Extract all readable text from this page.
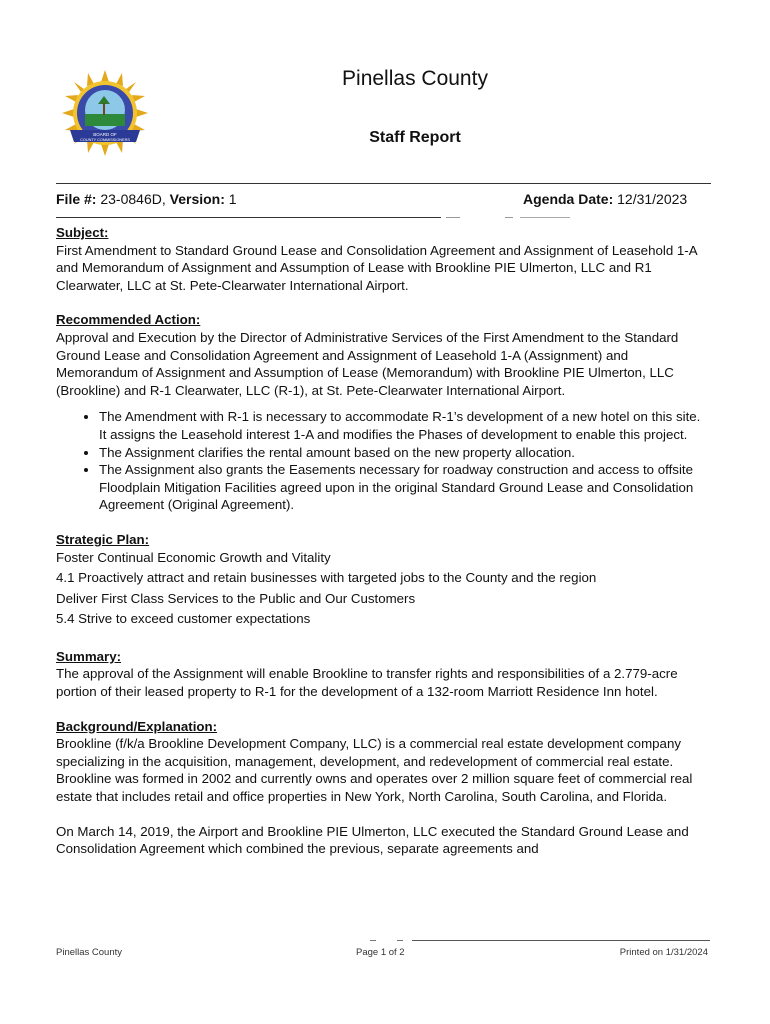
BOARD OF
COUNTY COMMISSIONERS
Pinellas County
Staff Report
File #: 23-0846D, Version: 1	Agenda Date: 12/31/2023

Subject:

First Amendment to Standard Ground Lease and Consolidation Agreement and Assignment of Leasehold 1-A and Memorandum of Assignment and Assumption of Lease with Brookline PIE Ulmerton, LLC and R1 Clearwater, LLC at St. Pete-Clearwater International Airport.

Recommended Action:

Approval and Execution by the Director of Administrative Services of the First Amendment to the Standard Ground Lease and Consolidation Agreement and Assignment of Leasehold 1-A (Assignment) and Memorandum of Assignment and Assumption of Lease (Memorandum) with Brookline PIE Ulmerton, LLC (Brookline) and R-1 Clearwater, LLC (R-1), at St. Pete-Clearwater International Airport.

• The Amendment with R-1 is necessary to accommodate R-1’s development of a new hotel on this site. It assigns the Leasehold interest 1-A and modifies the Phases of development to enable this project.
• The Assignment clarifies the rental amount based on the new property allocation.
• The Assignment also grants the Easements necessary for roadway construction and access to offsite Floodplain Mitigation Facilities agreed upon in the original Standard Ground Lease and Consolidation Agreement (Original Agreement).

Strategic Plan:

Foster Continual Economic Growth and Vitality

4.1 Proactively attract and retain businesses with targeted jobs to the County and the region

Deliver First Class Services to the Public and Our Customers

5.4 Strive to exceed customer expectations

Summary:

The approval of the Assignment will enable Brookline to transfer rights and responsibilities of a 2.779-acre portion of their leased property to R-1 for the development of a 132-room Marriott Residence Inn hotel.

Background/Explanation:

Brookline (f/k/a Brookline Development Company, LLC) is a commercial real estate development company specializing in the acquisition, management, development, and redevelopment of commercial real estate. Brookline was formed in 2002 and currently owns and operates over 2 million square feet of commercial real estate that includes retail and office properties in New York, North Carolina, South Carolina, and Florida.

On March 14, 2019, the Airport and Brookline PIE Ulmerton, LLC executed the Standard Ground Lease and Consolidation Agreement which combined the previous, separate agreements and

Pinellas County	Page 1 of 2	Printed on 1/31/2024
